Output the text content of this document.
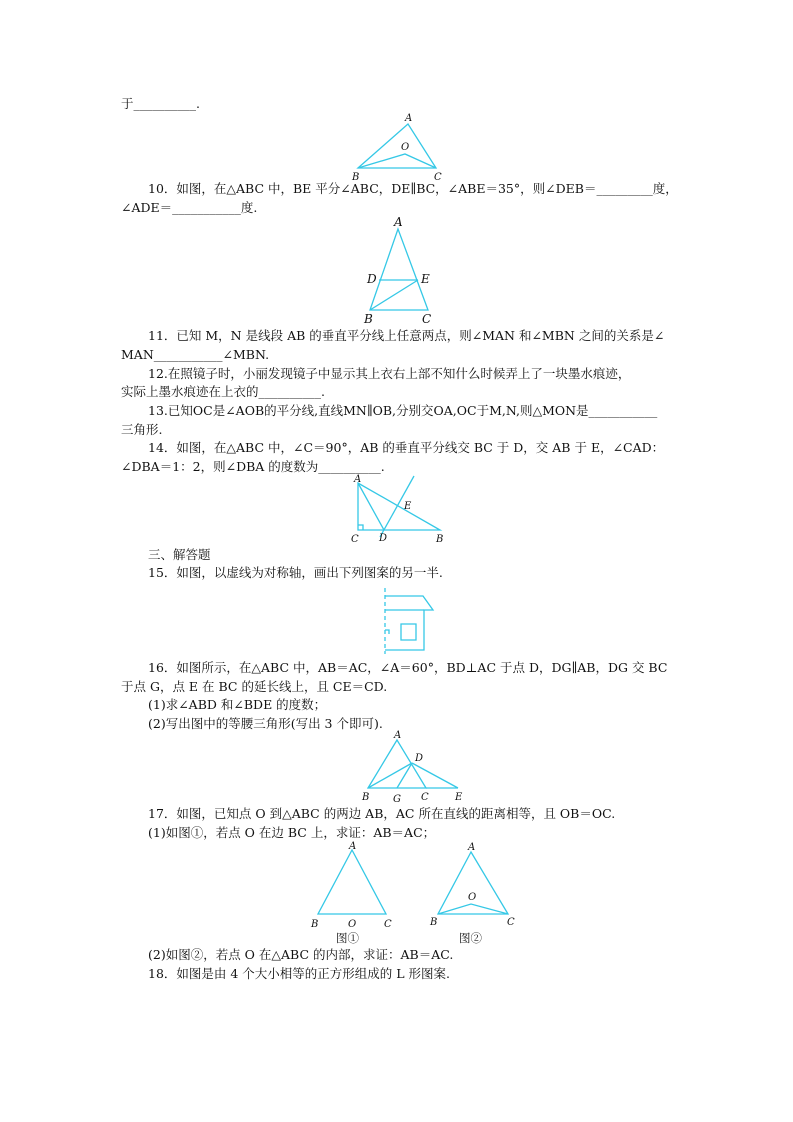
于__________.
10．如图，在△ABC 中，BE 平分∠ABC，DE∥BC，∠ABE＝35°，则∠DEB＝_________度，
∠ADE＝___________度.
11．已知 M，N 是线段 AB 的垂直平分线上任意两点，则∠MAN 和∠MBN 之间的关系是∠
MAN___________∠MBN.
12.在照镜子时，小丽发现镜子中显示其上衣右上部不知什么时候弄上了一块墨水痕迹，
实际上墨水痕迹在上衣的__________.
13.已知OC是∠AOB的平分线,直线MN∥OB,分别交OA,OC于M,N,则△MON是___________
三角形.
14．如图，在△ABC 中，∠C＝90°，AB 的垂直平分线交 BC 于 D，交 AB 于 E，∠CAD：
∠DBA＝1：2，则∠DBA 的度数为__________.
三、解答题
15．如图，以虚线为对称轴，画出下列图案的另一半.
16．如图所示，在△ABC 中，AB＝AC，∠A＝60°，BD⊥AC 于点 D，DG∥AB，DG 交 BC
于点 G，点 E 在 BC 的延长线上，且 CE＝CD.
(1)求∠ABD 和∠BDE 的度数；
(2)写出图中的等腰三角形(写出 3 个即可).
17．如图，已知点 O 到△ABC 的两边 AB，AC 所在直线的距离相等，且 OB＝OC.
(1)如图①，若点 O 在边 BC 上，求证：AB＝AC；
(2)如图②，若点 O 在△ABC 的内部，求证：AB＝AC.
18．如图是由 4 个大小相等的正方形组成的 L 形图案.
A
O
B	C
A
D	E
B	C
A
E
C D	B
A
D
B G C	E
A
B	O	C
图①
A
O
B	C
图②
